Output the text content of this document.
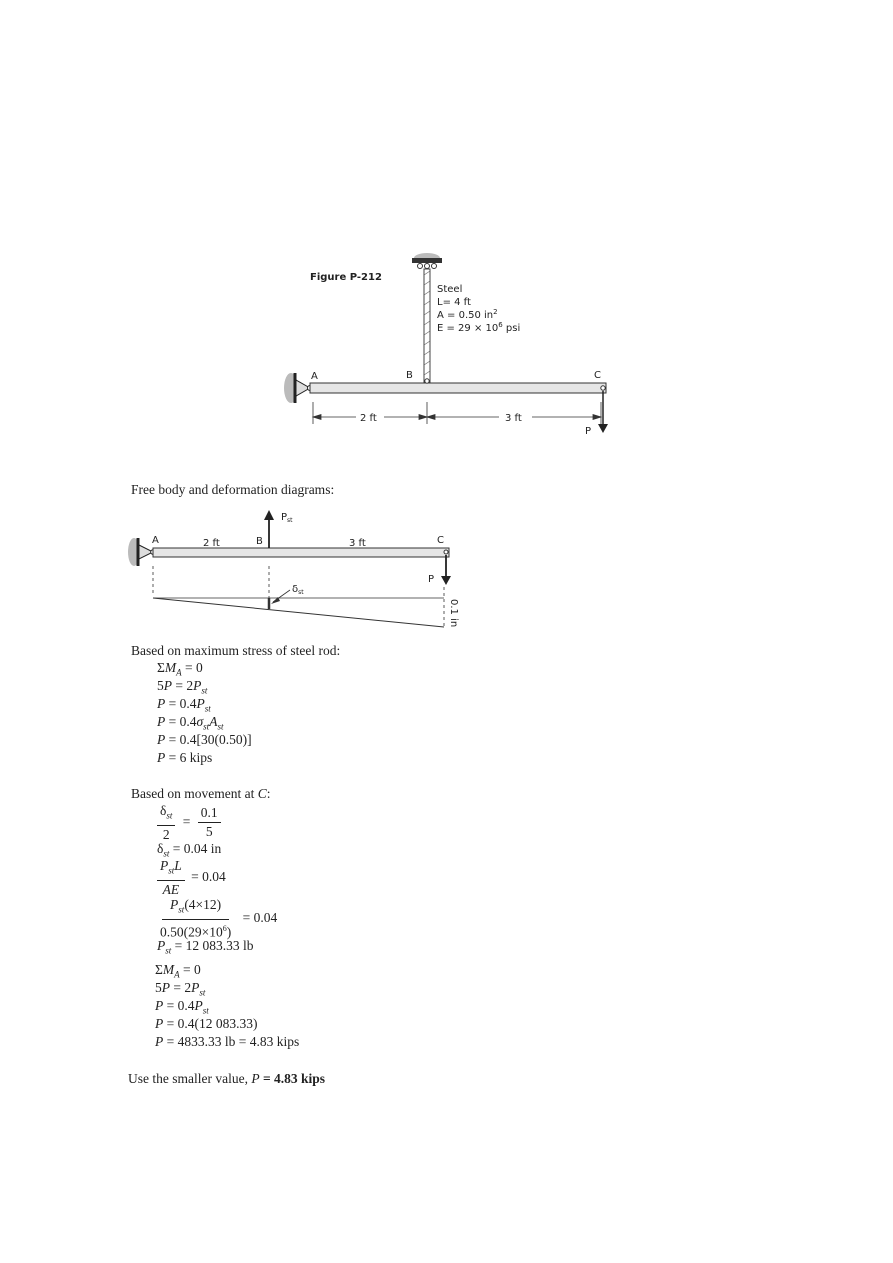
Figure P-212
Steel
L= 4 ft
A = 0.50 $in^2$
$E = 29 \times 10^6$ psi
A	B	C
P
2 ft	3 ft
Free body and deformation diagrams:
A	B	C
P
2 ft	3 ft
$P_{st}$
$\delta_{st}$
0.1 in
Based on maximum stress of steel rod:
$\Sigma M_A = 0$
$5P = 2P_{st}$
$P = 0.4P_{st}$
$P = 0.4\sigma_{st}A_{st}$
P = 0.4[30(0.50)]
P = 6 kips
Based on movement at C:
$\frac{\delta_{st}}{2} = \frac{0.1}{5}$
$\delta_{st} = 0.04$ in
$\frac{P_{st}L}{AE} = 0.04$
$\frac{P_{st}(4\times 12)}{0.50(29\times 10^6)} = 0.04$
$P_{st} = 12$ 083.33 lb
$\Sigma M_A = 0$
$5P = 2P_{st}$
$P = 0.4P_{st}$
P = 0.4(12 083.33)
P = 4833.33 lb = 4.83 kips
Use the smaller value, P = 4.83 kips
